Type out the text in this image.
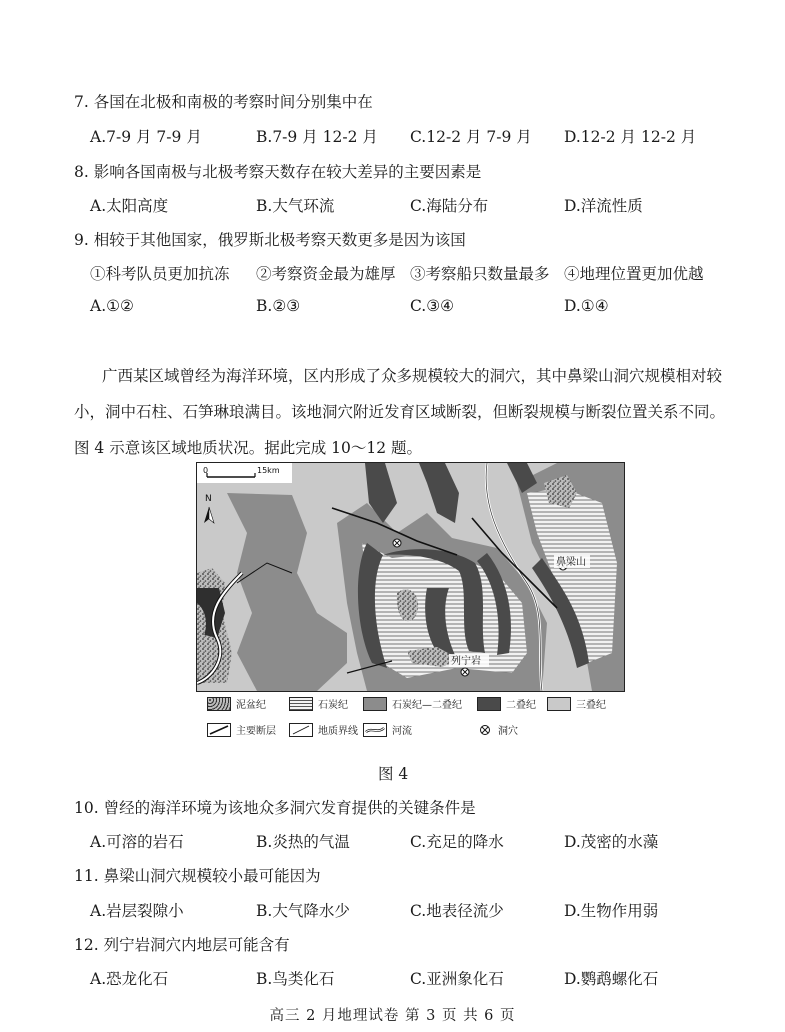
7. 各国在北极和南极的考察时间分别集中在
A.7-9 月 7-9 月	B.7-9 月 12-2 月 C.12-2 月 7-9 月 D.12-2 月 12-2 月
8. 影响各国南极与北极考察天数存在较大差异的主要因素是
A.太阳高度	B.大气环流	C.海陆分布	D.洋流性质
9. 相较于其他国家，俄罗斯北极考察天数更多是因为该国
①科考队员更加抗冻 ②考察资金最为雄厚 ③考察船只数量最多 ④地理位置更加优越
A.①②	B.②③	C.③④	D.①④
广西某区域曾经为海洋环境，区内形成了众多规模较大的洞穴，其中鼻梁山洞穴规模相对较
小，洞中石柱、石笋琳琅满目。该地洞穴附近发育区域断裂，但断裂规模与断裂位置关系不同。
图 4 示意该区域地质状况。据此完成 10～12 题。
鼻梁山
列宁岩
0	15km
N
泥盆纪	石炭纪	石炭纪—二叠纪	二叠纪	三叠纪
主要断层	地质界线	河流	洞穴
图 4
10. 曾经的海洋环境为该地众多洞穴发育提供的关键条件是
A.可溶的岩石	B.炎热的气温	C.充足的降水	D.茂密的水藻
11. 鼻梁山洞穴规模较小最可能因为
A.岩层裂隙小	B.大气降水少	C.地表径流少	D.生物作用弱
12. 列宁岩洞穴内地层可能含有
A.恐龙化石	B.鸟类化石	C.亚洲象化石	D.鹦鹉螺化石
高三 2 月地理试卷 第 3 页 共 6 页
